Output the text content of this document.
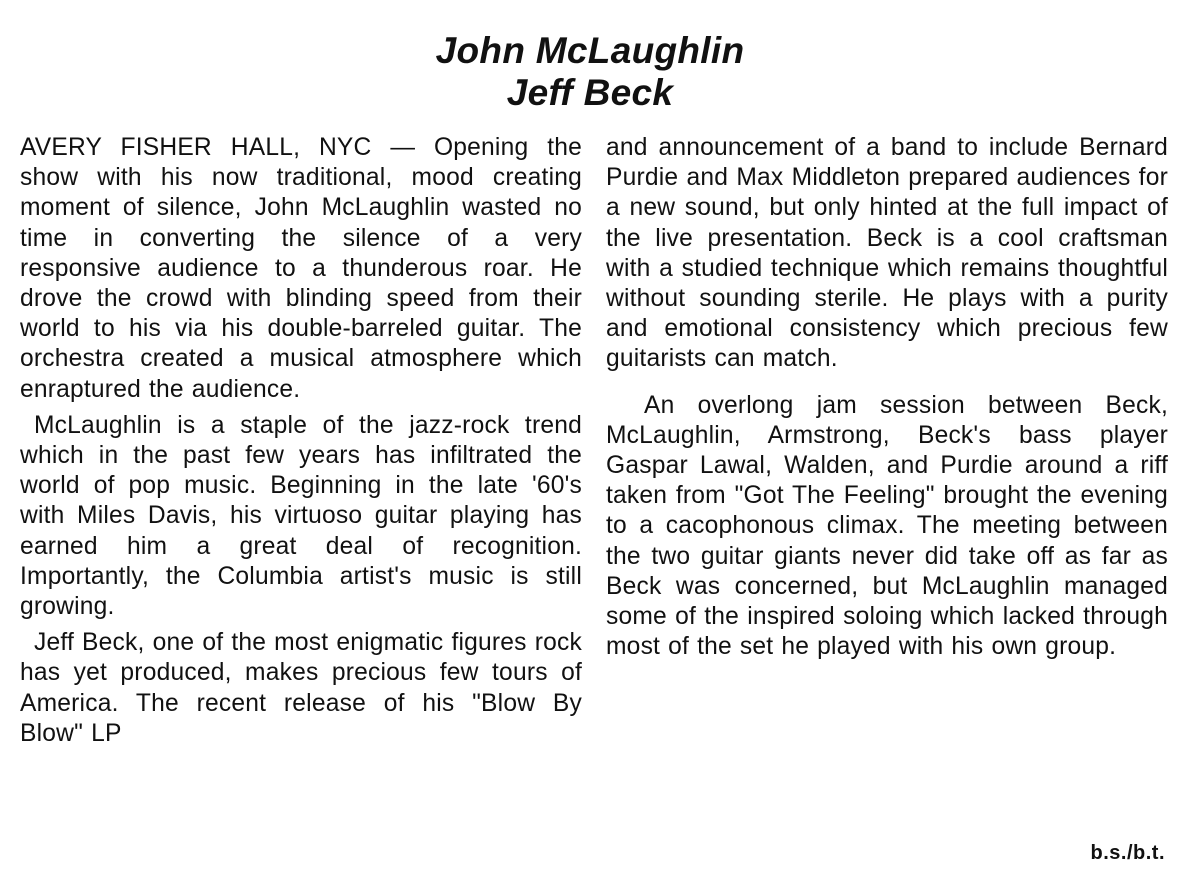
John McLaughlin
Jeff Beck

AVERY FISHER HALL, NYC — Opening the show with his now traditional, mood creating moment of silence, John McLaughlin wasted no time in converting the silence of a very responsive audience to a thunderous roar. He drove the crowd with blinding speed from their world to his via his double-barreled guitar. The orchestra created a musical atmosphere which enraptured the audience.

McLaughlin is a staple of the jazz-rock trend which in the past few years has infiltrated the world of pop music. Beginning in the late '60's with Miles Davis, his virtuoso guitar playing has earned him a great deal of recognition. Importantly, the Columbia artist's music is still growing.

Jeff Beck, one of the most enigmatic figures rock has yet produced, makes precious few tours of America. The recent release of his "Blow By Blow" LP

and announcement of a band to include Bernard Purdie and Max Middleton prepared audiences for a new sound, but only hinted at the full impact of the live presentation. Beck is a cool craftsman with a studied technique which remains thoughtful without sounding sterile. He plays with a purity and emotional consistency which precious few guitarists can match.

An overlong jam session between Beck, McLaughlin, Armstrong, Beck's bass player Gaspar Lawal, Walden, and Purdie around a riff taken from "Got The Feeling" brought the evening to a cacophonous climax. The meeting between the two guitar giants never did take off as far as Beck was concerned, but McLaughlin managed some of the inspired soloing which lacked through most of the set he played with his own group.

b.s./b.t.
